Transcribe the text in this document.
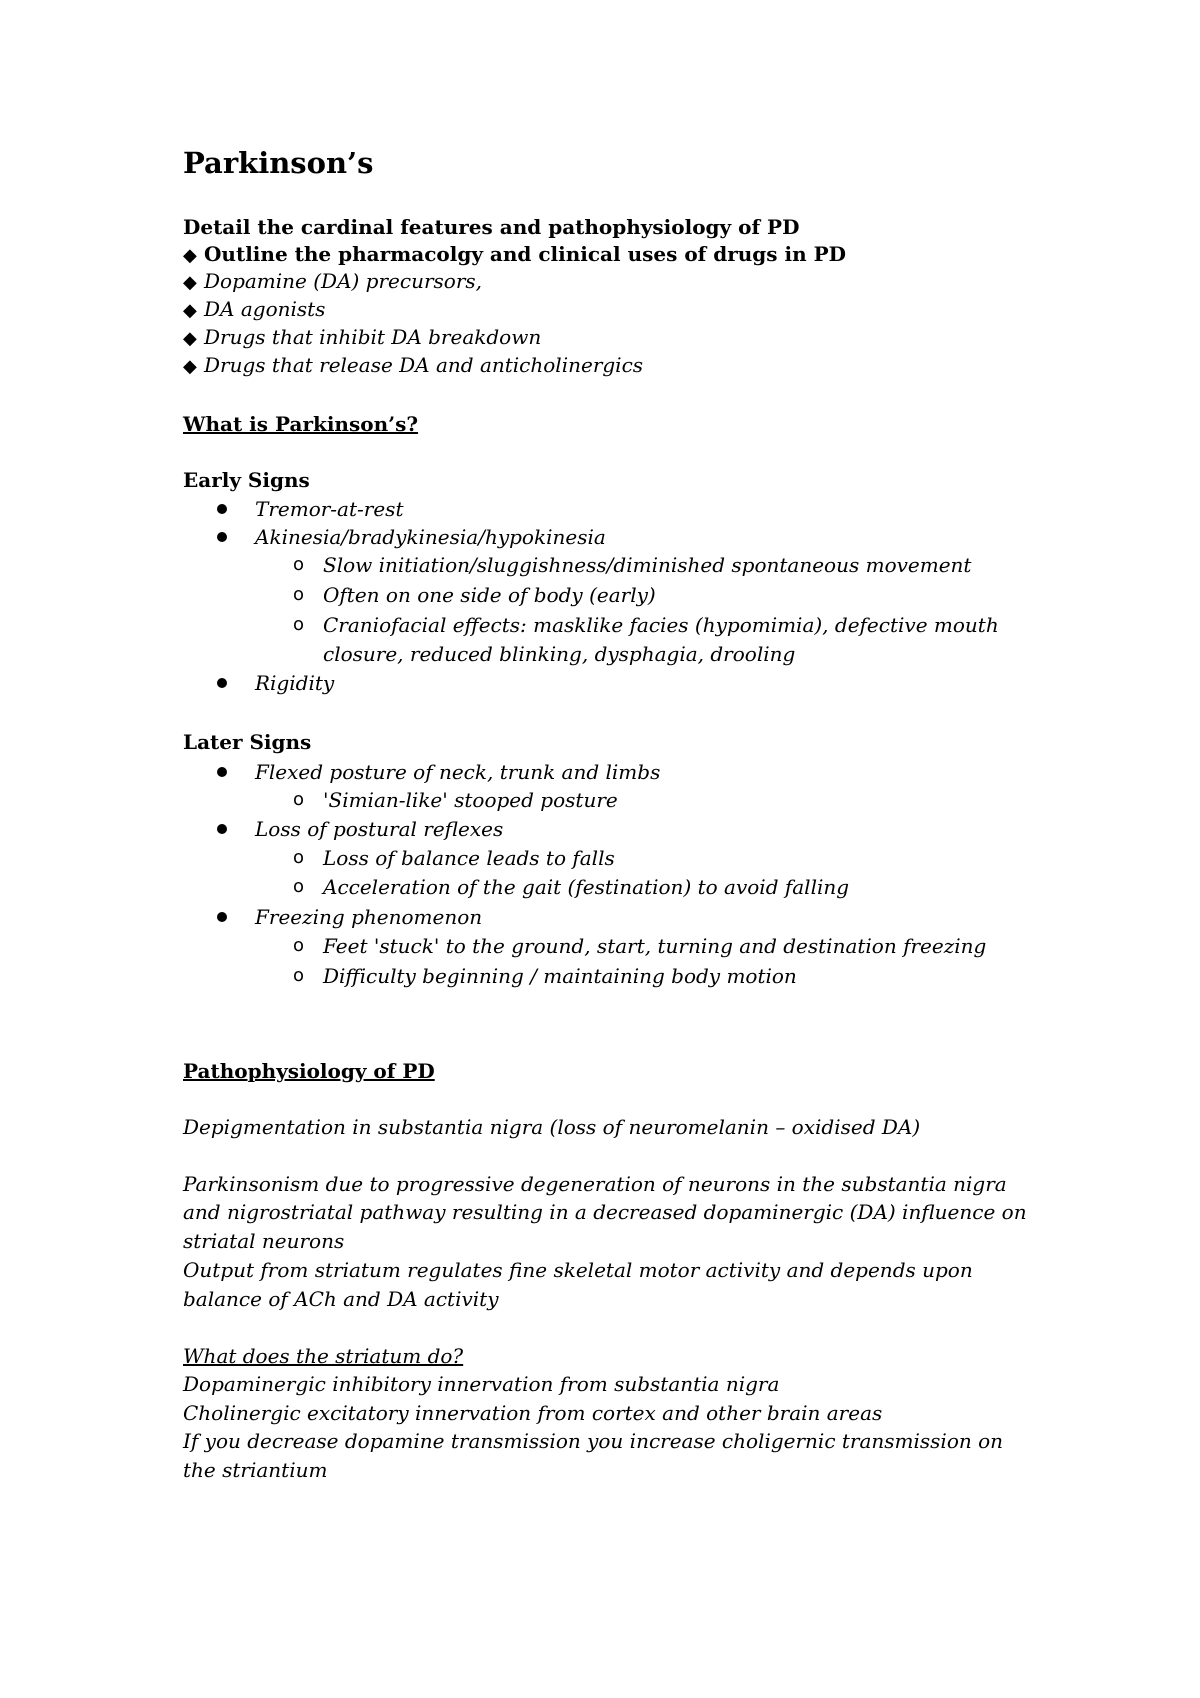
Parkinson’s
Detail the cardinal features and pathophysiology of PD
◆ Outline the pharmacolgy and clinical uses of drugs in PD
◆ Dopamine (DA) precursors,
◆ DA agonists
◆ Drugs that inhibit DA breakdown
◆ Drugs that release DA and anticholinergics
What is Parkinson’s?
Early Signs
Tremor-at-rest
Akinesia/bradykinesia/hypokinesia
o Slow initiation/sluggishness/diminished spontaneous movement
o Often on one side of body (early)
o Craniofacial effects: masklike facies (hypomimia), defective mouth
closure, reduced blinking, dysphagia, drooling
Rigidity
Later Signs
Flexed posture of neck, trunk and limbs
o 'Simian-like' stooped posture
Loss of postural reflexes
o Loss of balance leads to falls
o Acceleration of the gait (festination) to avoid falling
Freezing phenomenon
o Feet 'stuck' to the ground, start, turning and destination freezing
o Difficulty beginning / maintaining body motion
Pathophysiology of PD
Depigmentation in substantia nigra (loss of neuromelanin – oxidised DA)
Parkinsonism due to progressive degeneration of neurons in the substantia nigra
and nigrostriatal pathway resulting in a decreased dopaminergic (DA) influence on
striatal neurons
Output from striatum regulates fine skeletal motor activity and depends upon
balance of ACh and DA activity
What does the striatum do?
Dopaminergic inhibitory innervation from substantia nigra
Cholinergic excitatory innervation from cortex and other brain areas
If you decrease dopamine transmission you increase choligernic transmission on
the striantium
